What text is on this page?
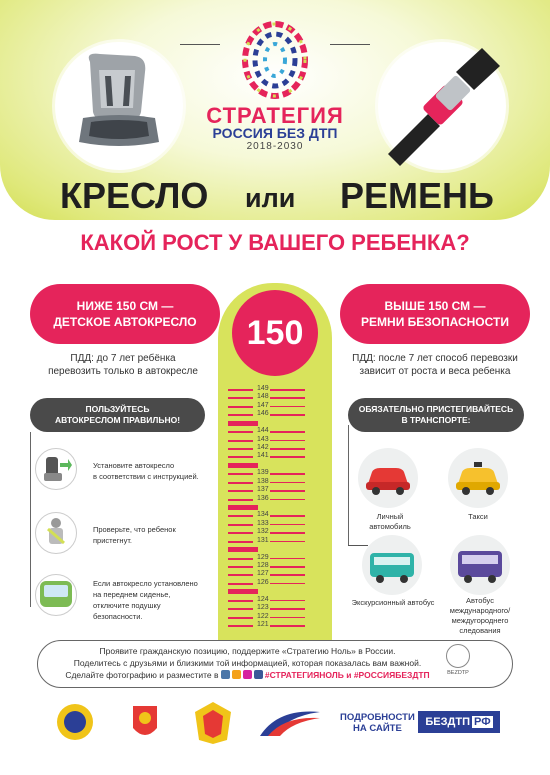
СТРАТЕГИЯ
РОССИЯ БЕЗ ДТП
2018-2030
КРЕСЛО или РЕМЕНЬ
КАКОЙ РОСТ У ВАШЕГО РЕБЕНКА?
НИЖЕ 150 СМ —
ДЕТСКОЕ АВТОКРЕСЛО
ВЫШЕ 150 СМ —
РЕМНИ БЕЗОПАСНОСТИ
ПДД: до 7 лет ребёнка
перевозить только в автокресле
ПДД: после 7 лет способ перевозки
зависит от роста и веса ребенка
150
149
148
147
146
144
143
142
141
139
138
137
136
134
133
132
131
129
128
127
126
124
123
122
121
ПОЛЬЗУЙТЕСЬ
АВТОКРЕСЛОМ ПРАВИЛЬНО!
ОБЯЗАТЕЛЬНО ПРИСТЕГИВАЙТЕСЬ
В ТРАНСПОРТЕ:
Установите автокресло
в соответствии с инструкцией.
Проверьте, что ребенок
пристегнут.
Если автокресло установлено
на переднем сиденье,
отключите подушку
безопасности.
Личный автомобиль
Такси
Экскурсионный автобус	Автобус
международного/
междугороднего
следования
Проявите гражданскую позицию, поддержите «Стратегию Ноль» в России.
Поделитесь с друзьями и близкими той информацией, которая показалась вам важной.
Сделайте фотографию и разместите в	#СТРАТЕГИЯНОЛЬ и #РОССИЯБЕЗДТП	BEZDTP
ПОДРОБНОСТИ
НА САЙТЕ
БЕЗДТП РФ
